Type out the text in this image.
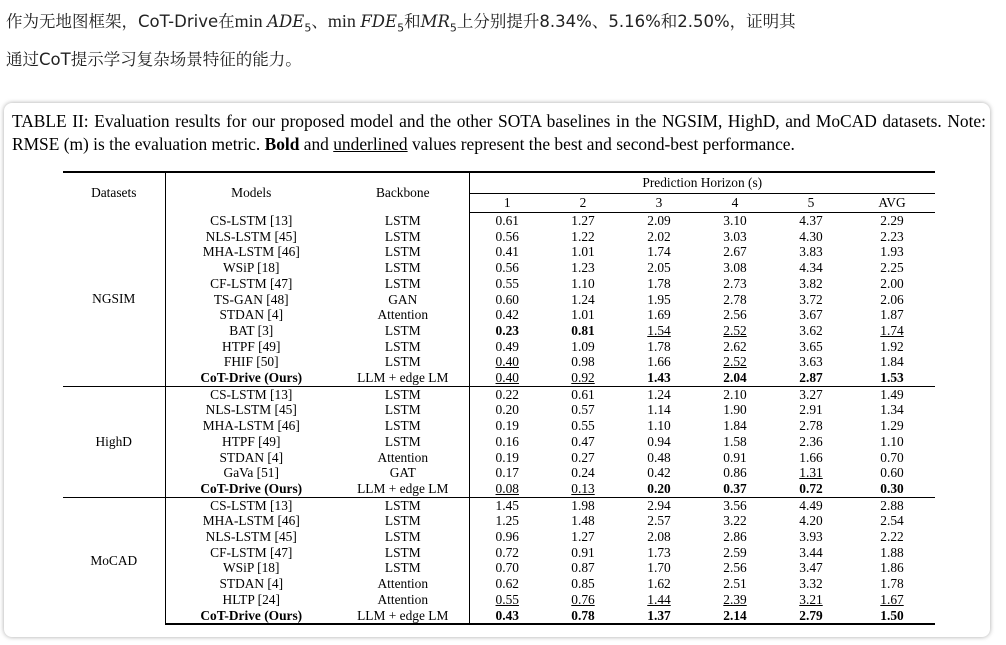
作为无地图框架，CoT-Drive在$\min ADE_5$、$\min FDE_5$和$MR_5$上分别提升8.34%、5.16%和2.50%，证明其
通过CoT提示学习复杂场景特征的能力。
TABLE II: Evaluation results for our proposed model and the other SOTA baselines in the NGSIM, HighD, and MoCAD datasets. Note: RMSE (m) is the evaluation metric. Bold and underlined values represent the best and second-best performance.
Datasets	Models	Backbone	Prediction Horizon (s)					
			1	2	3	4	5	AVG
NGSIM	CS-LSTM [13]	LSTM	0.61	1.27	2.09	3.10	4.37	2.29
	NLS-LSTM [45]	LSTM	0.56	1.22	2.02	3.03	4.30	2.23
	MHA-LSTM [46]	LSTM	0.41	1.01	1.74	2.67	3.83	1.93
	WSiP [18]	LSTM	0.56	1.23	2.05	3.08	4.34	2.25
	CF-LSTM [47]	LSTM	0.55	1.10	1.78	2.73	3.82	2.00
	TS-GAN [48]	GAN	0.60	1.24	1.95	2.78	3.72	2.06
	STDAN [4]	Attention	0.42	1.01	1.69	2.56	3.67	1.87
	BAT [3]	LSTM	0.23	0.81	1.54	2.52	3.62	1.74
	HTPF [49]	LSTM	0.49	1.09	1.78	2.62	3.65	1.92
	FHIF [50]	LSTM	0.40	0.98	1.66	2.52	3.63	1.84
	CoT-Drive (Ours)	LLM + edge LM	0.40	0.92	1.43	2.04	2.87	1.53
HighD	CS-LSTM [13]	LSTM	0.22	0.61	1.24	2.10	3.27	1.49
	NLS-LSTM [45]	LSTM	0.20	0.57	1.14	1.90	2.91	1.34
	MHA-LSTM [46]	LSTM	0.19	0.55	1.10	1.84	2.78	1.29
	HTPF [49]	LSTM	0.16	0.47	0.94	1.58	2.36	1.10
	STDAN [4]	Attention	0.19	0.27	0.48	0.91	1.66	0.70
	GaVa [51]	GAT	0.17	0.24	0.42	0.86	1.31	0.60
	CoT-Drive (Ours)	LLM + edge LM	0.08	0.13	0.20	0.37	0.72	0.30
MoCAD	CS-LSTM [13]	LSTM	1.45	1.98	2.94	3.56	4.49	2.88
	MHA-LSTM [46]	LSTM	1.25	1.48	2.57	3.22	4.20	2.54
	NLS-LSTM [45]	LSTM	0.96	1.27	2.08	2.86	3.93	2.22
	CF-LSTM [47]	LSTM	0.72	0.91	1.73	2.59	3.44	1.88
	WSiP [18]	LSTM	0.70	0.87	1.70	2.56	3.47	1.86
	STDAN [4]	Attention	0.62	0.85	1.62	2.51	3.32	1.78
	HLTP [24]	Attention	0.55	0.76	1.44	2.39	3.21	1.67
	CoT-Drive (Ours)	LLM + edge LM	0.43	0.78	1.37	2.14	2.79	1.50
